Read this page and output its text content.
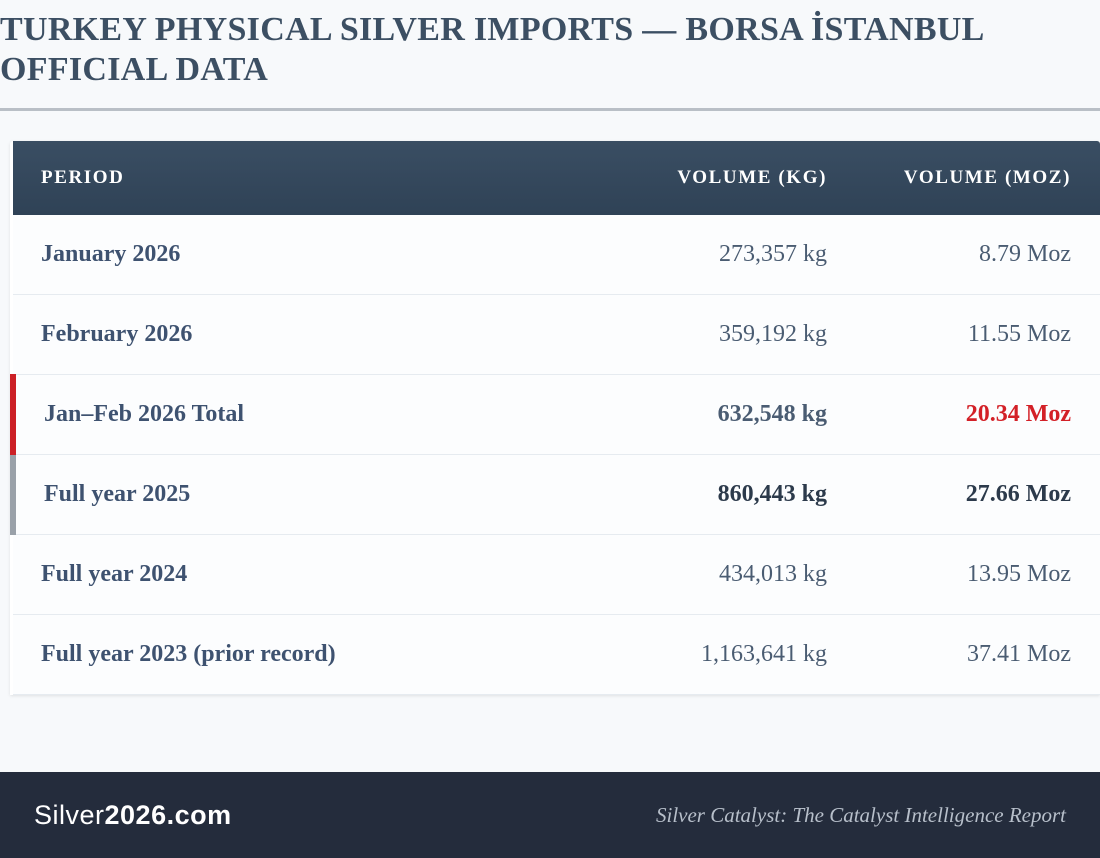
TURKEY PHYSICAL SILVER IMPORTS — BORSA İSTANBUL OFFICIAL DATA
PERIOD	VOLUME (KG)	VOLUME (MOZ)
January 2026	273,357 kg	8.79 Moz
February 2026	359,192 kg	11.55 Moz
Jan–Feb 2026 Total	632,548 kg	20.34 Moz
Full year 2025	860,443 kg	27.66 Moz
Full year 2024	434,013 kg	13.95 Moz
Full year 2023 (prior record)	1,163,641 kg	37.41 Moz
Silver2026.com	Silver Catalyst: The Catalyst Intelligence Report
